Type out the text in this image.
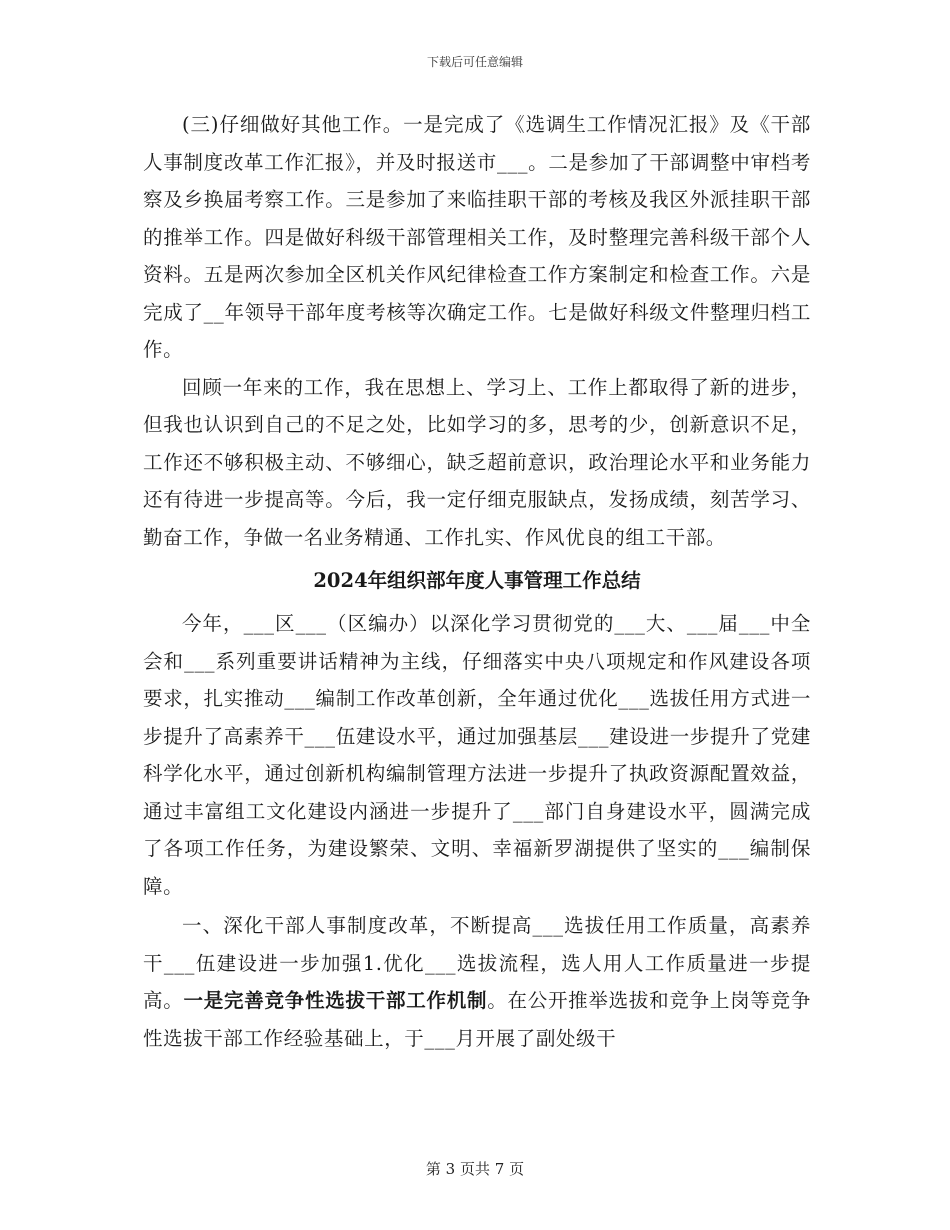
下载后可任意编辑

(三)仔细做好其他工作。一是完成了《选调生工作情况汇报》及《干部人事制度改革工作汇报》，并及时报送市___。二是参加了干部调整中审档考察及乡换届考察工作。三是参加了来临挂职干部的考核及我区外派挂职干部的推举工作。四是做好科级干部管理相关工作，及时整理完善科级干部个人资料。五是两次参加全区机关作风纪律检查工作方案制定和检查工作。六是完成了__年领导干部年度考核等次确定工作。七是做好科级文件整理归档工作。

回顾一年来的工作，我在思想上、学习上、工作上都取得了新的进步，但我也认识到自己的不足之处，比如学习的多，思考的少，创新意识不足，工作还不够积极主动、不够细心，缺乏超前意识，政治理论水平和业务能力还有待进一步提高等。今后，我一定仔细克服缺点，发扬成绩，刻苦学习、勤奋工作，争做一名业务精通、工作扎实、作风优良的组工干部。

2024年组织部年度人事管理工作总结

今年，___区___（区编办）以深化学习贯彻党的___大、___届___中全会和___系列重要讲话精神为主线，仔细落实中央八项规定和作风建设各项要求，扎实推动___编制工作改革创新，全年通过优化___选拔任用方式进一步提升了高素养干___伍建设水平，通过加强基层___建设进一步提升了党建科学化水平，通过创新机构编制管理方法进一步提升了执政资源配置效益，通过丰富组工文化建设内涵进一步提升了___部门自身建设水平，圆满完成了各项工作任务，为建设繁荣、文明、幸福新罗湖提供了坚实的___编制保障。

一、深化干部人事制度改革，不断提高___选拔任用工作质量，高素养干___伍建设进一步加强1.优化___选拔流程，选人用人工作质量进一步提高。一是完善竞争性选拔干部工作机制。在公开推举选拔和竞争上岗等竞争性选拔干部工作经验基础上，于___月开展了副处级干

第 3 页共 7 页
